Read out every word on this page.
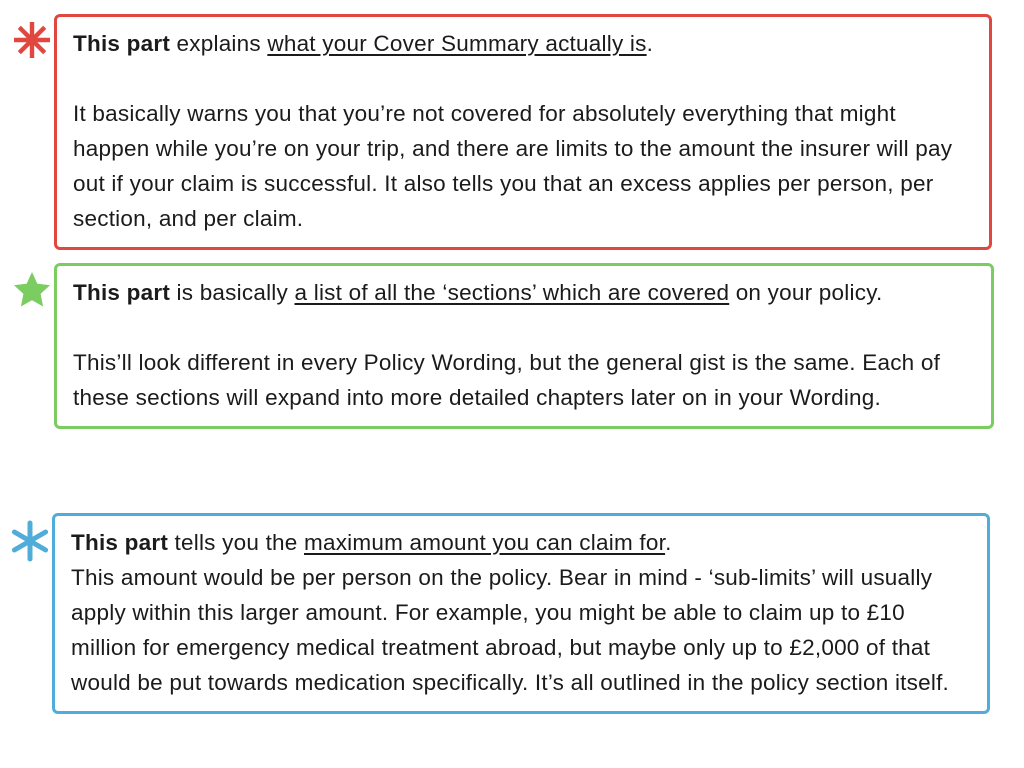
This part explains what your Cover Summary actually is.

It basically warns you that you’re not covered for absolutely everything that might happen while you’re on your trip, and there are limits to the amount the insurer will pay out if your claim is successful. It also tells you that an excess applies per person, per section, and per claim.

This part is basically a list of all the ‘sections’ which are covered on your policy.

This’ll look different in every Policy Wording, but the general gist is the same. Each of these sections will expand into more detailed chapters later on in your Wording.

This part tells you the maximum amount you can claim for.

This amount would be per person on the policy. Bear in mind - ‘sub-limits’ will usually apply within this larger amount. For example, you might be able to claim up to £10 million for emergency medical treatment abroad, but maybe only up to £2,000 of that would be put towards medication specifically. It’s all outlined in the policy section itself.
